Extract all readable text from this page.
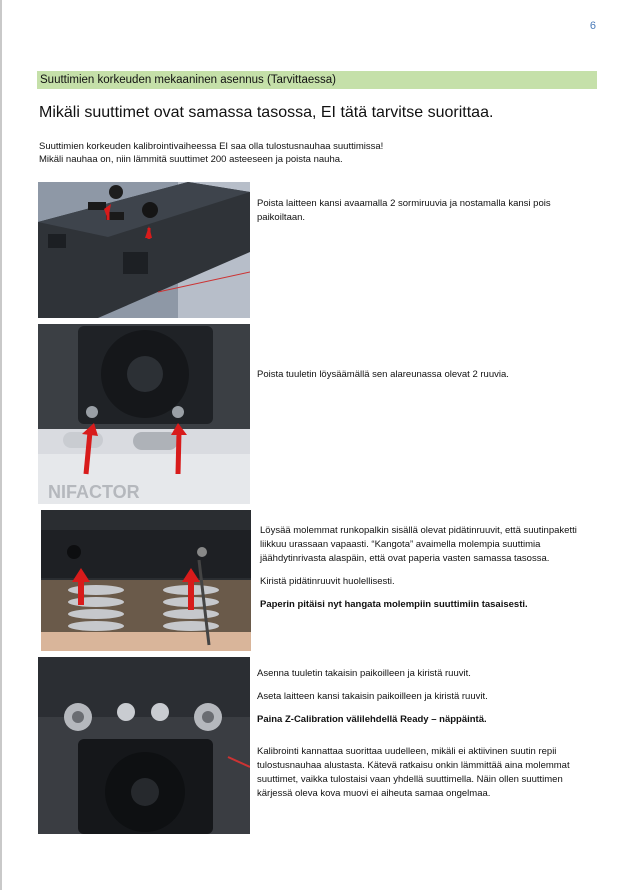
6
Suuttimien korkeuden mekaaninen asennus (Tarvittaessa)
Mikäli suuttimet ovat samassa tasossa, EI tätä tarvitse suorittaa.

Suuttimien korkeuden kalibrointivaiheessa EI saa olla tulostusnauhaa suuttimissa!

Mikäli nauhaa on, niin lämmitä suuttimet 200 asteeseen ja poista nauha.

NIFACTOR

Poista laitteen kansi avaamalla 2 sormiruuvia ja nostamalla kansi pois paikoiltaan.

Poista tuuletin löysäämällä sen alareunassa olevat 2 ruuvia.

Löysää molemmat runkopalkin sisällä olevat pidätinruuvit, että suutinpaketti liikkuu urassaan vapaasti. “Kangota” avaimella molempia suuttimia jäähdytinrivasta alaspäin, että ovat paperia vasten samassa tasossa.

Kiristä pidätinruuvit huolellisesti.

Paperin pitäisi nyt hangata molempiin suuttimiin tasaisesti.

Asenna tuuletin takaisin paikoilleen ja kiristä ruuvit.

Aseta laitteen kansi takaisin paikoilleen ja kiristä ruuvit.

Paina Z-Calibration välilehdellä Ready – näppäintä.

Kalibrointi kannattaa suorittaa uudelleen, mikäli ei aktiivinen suutin repii tulostusnauhaa alustasta. Kätevä ratkaisu onkin lämmittää aina molemmat suuttimet, vaikka tulostaisi vaan yhdellä suuttimella. Näin ollen suuttimen kärjessä oleva kova muovi ei aiheuta samaa ongelmaa.
